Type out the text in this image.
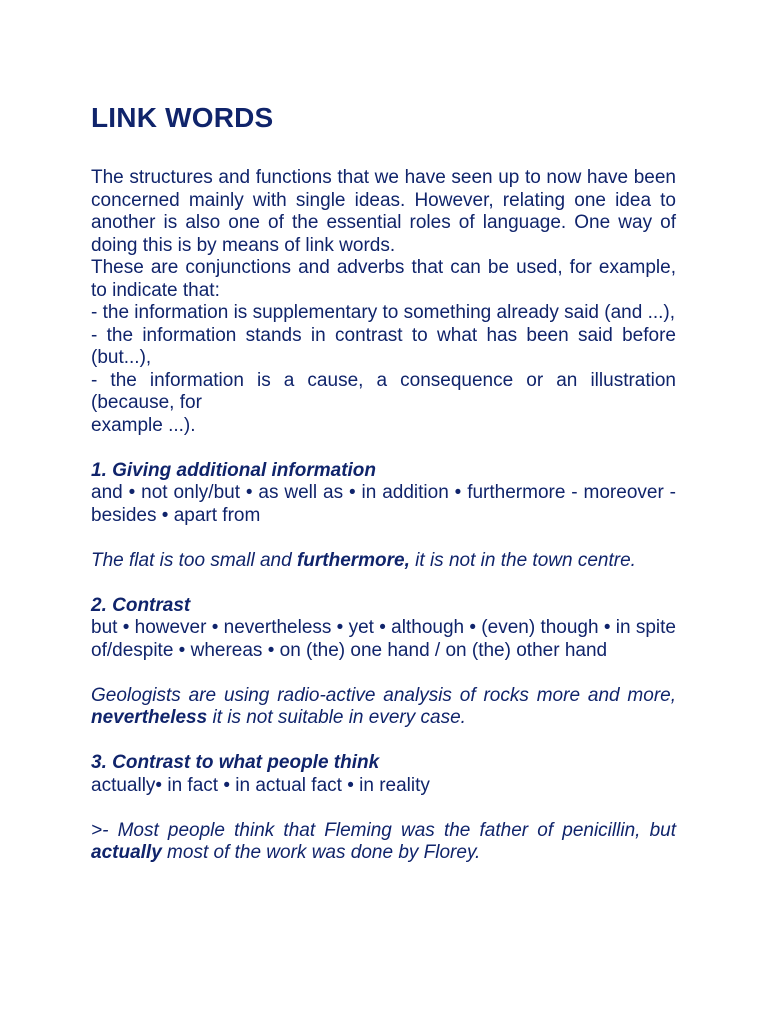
LINK WORDS

The structures and functions that we have seen up to now have been concerned mainly with single ideas. However, relating one idea to another is also one of the essential roles of language. One way of doing this is by means of link words.

These are conjunctions and adverbs that can be used, for example, to indicate that:

- the information is supplementary to something already said (and ...),

- the information stands in contrast to what has been said before (but...),

- the information is a cause, a consequence or an illustration (because, for

example ...).

1. Giving additional information

and • not only/but • as well as • in addition • furthermore - moreover - besides • apart from

The flat is too small and furthermore, it is not in the town centre.

2. Contrast

but • however • nevertheless • yet • although • (even) though • in spite of/despite • whereas • on (the) one hand / on (the) other hand

Geologists are using radio-active analysis of rocks more and more, nevertheless it is not suitable in every case.

3. Contrast to what people think

actually• in fact • in actual fact • in reality

>- Most people think that Fleming was the father of penicillin, but actually most of the work was done by Florey.
